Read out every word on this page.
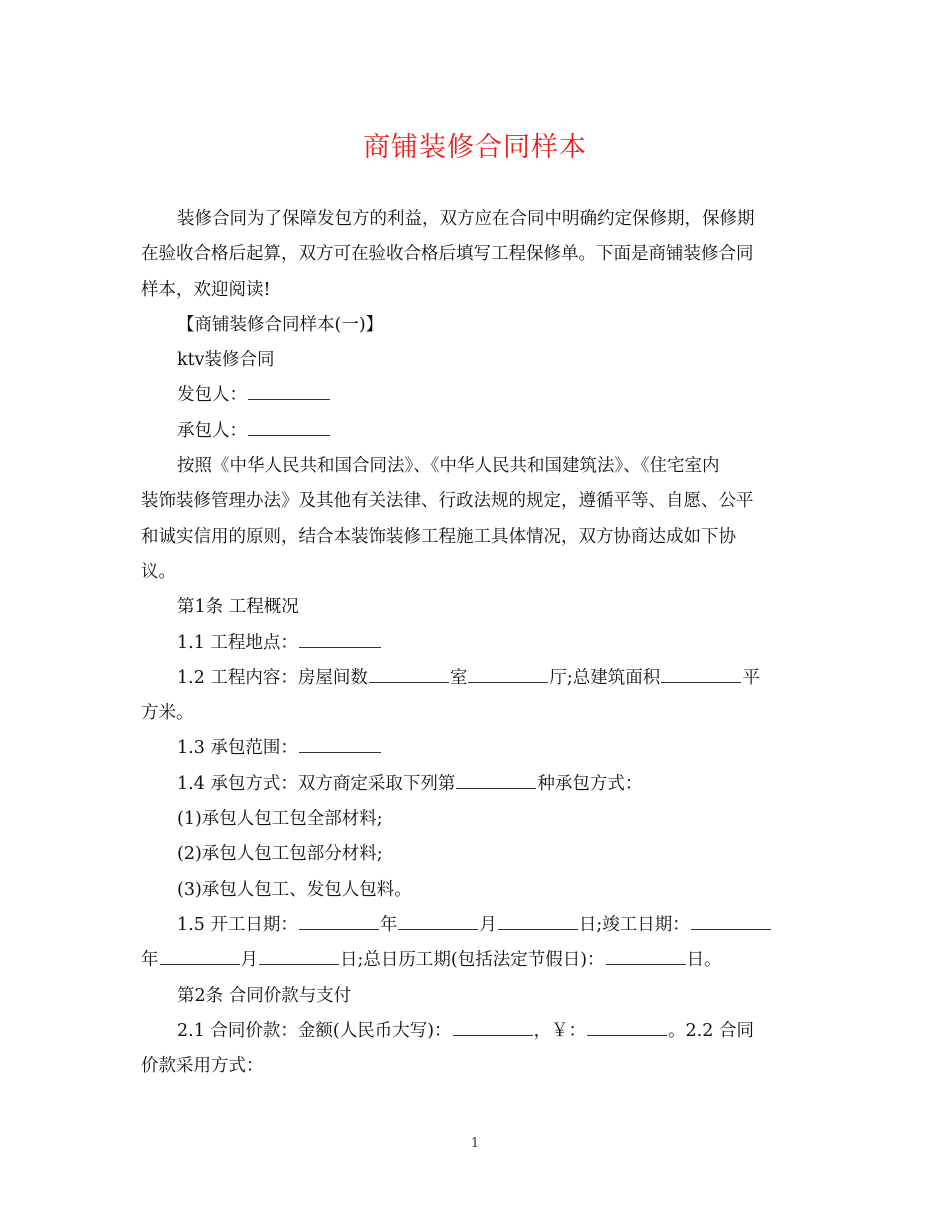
商铺装修合同样本
装修合同为了保障发包方的利益，双方应在合同中明确约定保修期，保修期
在验收合格后起算，双方可在验收合格后填写工程保修单。下面是商铺装修合同
样本，欢迎阅读!
【商铺装修合同样本(一)】
ktv装修合同
发包人：
承包人：
按照《中华人民共和国合同法》、《中华人民共和国建筑法》、《住宅室内
装饰装修管理办法》及其他有关法律、行政法规的规定，遵循平等、自愿、公平
和诚实信用的原则，结合本装饰装修工程施工具体情况，双方协商达成如下协
议。
第1条 工程概况
1.1 工程地点：
1.2 工程内容：房屋间数	室	厅;总建筑面积	平
方米。
1.3 承包范围：
1.4 承包方式：双方商定采取下列第	种承包方式：
(1)承包人包工包全部材料;
(2)承包人包工包部分材料;
(3)承包人包工、发包人包料。
1.5 开工日期：	年	月	日;竣工日期：
年	月	日;总日历工期(包括法定节假日)：	日。
第2条 合同价款与支付
2.1 合同价款：金额(人民币大写)：	，￥：	。2.2 合同
价款采用方式：
1
